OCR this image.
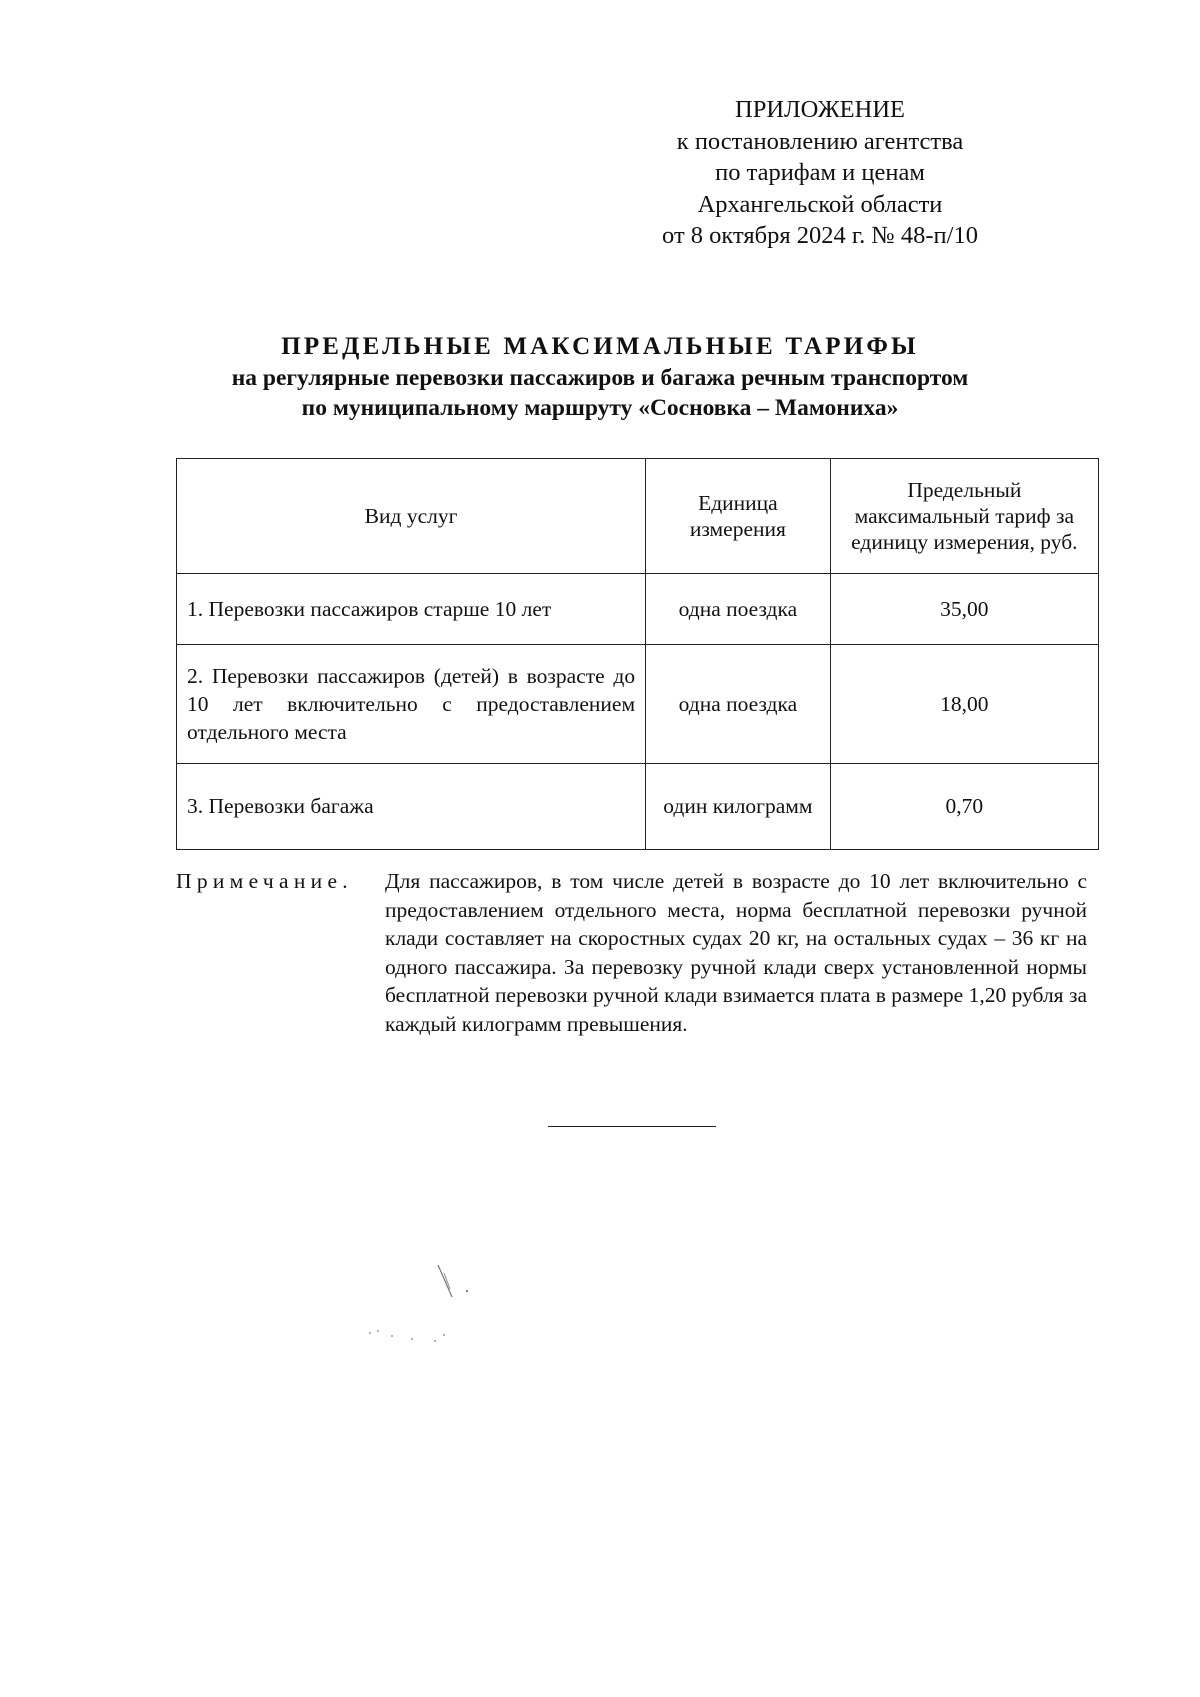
ПРИЛОЖЕНИЕ
к постановлению агентства
по тарифам и ценам
Архангельской области
от 8 октября 2024 г. № 48-п/10
ПРЕДЕЛЬНЫЕ МАКСИМАЛЬНЫЕ ТАРИФЫ
на регулярные перевозки пассажиров и багажа речным транспортом
по муниципальному маршруту «Сосновка – Мамониха»
Вид услуг	Единица измерения	Предельный максимальный тариф за единицу измерения, руб.
1. Перевозки пассажиров старше 10 лет	одна поездка	35,00
2. Перевозки пассажиров (детей) в возрасте до 10 лет включительно с предоставлением отдельного места	одна поездка	18,00
3. Перевозки багажа	один килограмм	0,70
Примечание. Для пассажиров, в том числе детей в возрасте до 10 лет включительно с предоставлением отдельного места, норма бесплатной перевозки ручной клади составляет на скоростных судах 20 кг, на остальных судах – 36 кг на одного пассажира. За перевозку ручной клади сверх установленной нормы бесплатной перевозки ручной клади взимается плата в размере 1,20 рубля за каждый килограмм превышения.
